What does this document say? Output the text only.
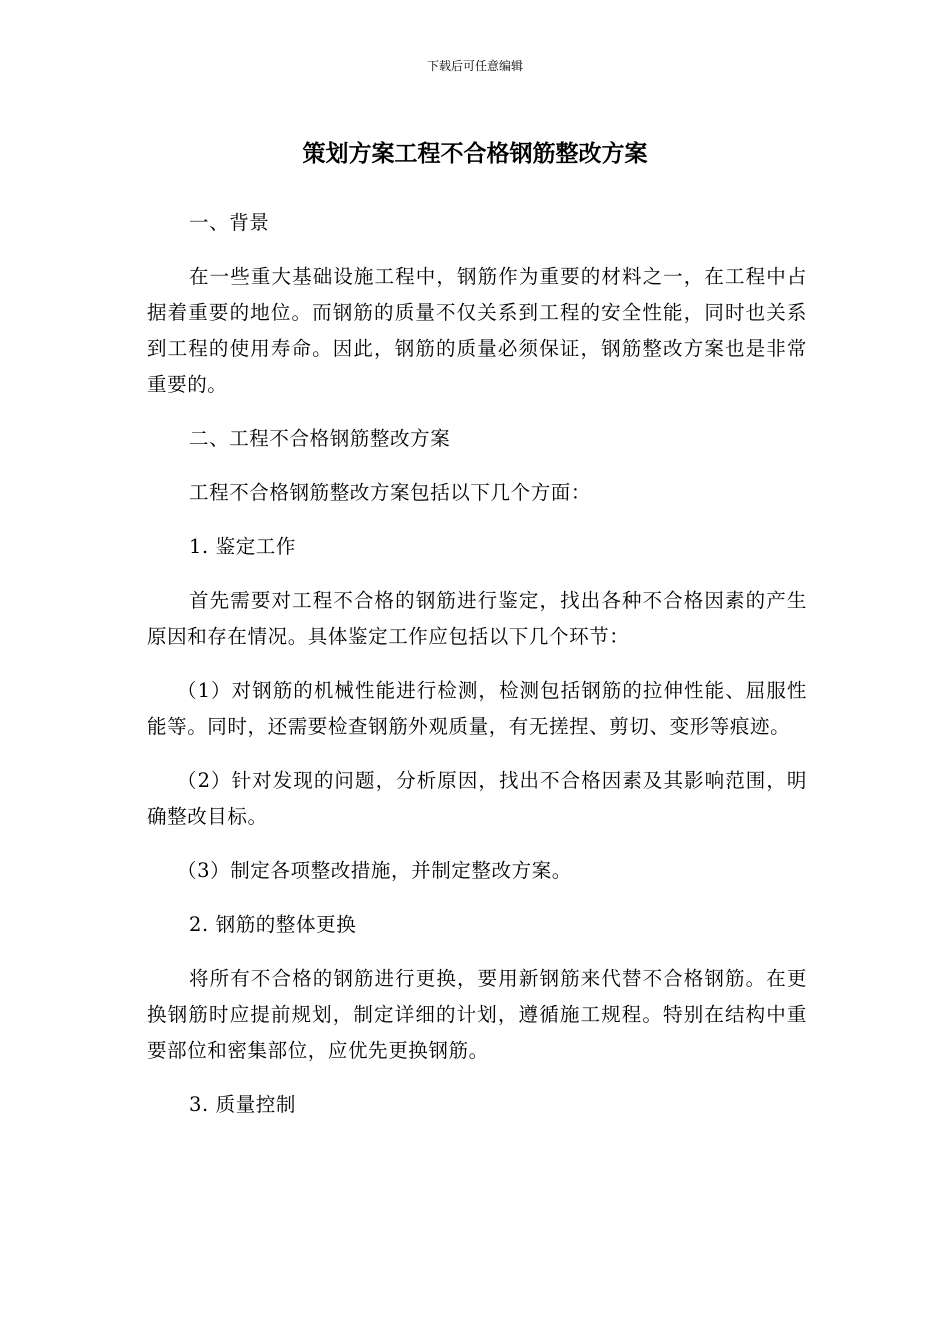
下载后可任意编辑
策划方案工程不合格钢筋整改方案

一、背景

在一些重大基础设施工程中，钢筋作为重要的材料之一，在工程中占据着重要的地位。而钢筋的质量不仅关系到工程的安全性能，同时也关系到工程的使用寿命。因此，钢筋的质量必须保证，钢筋整改方案也是非常重要的。

二、工程不合格钢筋整改方案

工程不合格钢筋整改方案包括以下几个方面：

1. 鉴定工作

首先需要对工程不合格的钢筋进行鉴定，找出各种不合格因素的产生原因和存在情况。具体鉴定工作应包括以下几个环节：

（1）对钢筋的机械性能进行检测，检测包括钢筋的拉伸性能、屈服性能等。同时，还需要检查钢筋外观质量，有无搓捏、剪切、变形等痕迹。

（2）针对发现的问题，分析原因，找出不合格因素及其影响范围，明确整改目标。

（3）制定各项整改措施，并制定整改方案。

2. 钢筋的整体更换

将所有不合格的钢筋进行更换，要用新钢筋来代替不合格钢筋。在更换钢筋时应提前规划，制定详细的计划，遵循施工规程。特别在结构中重要部位和密集部位，应优先更换钢筋。

3. 质量控制
